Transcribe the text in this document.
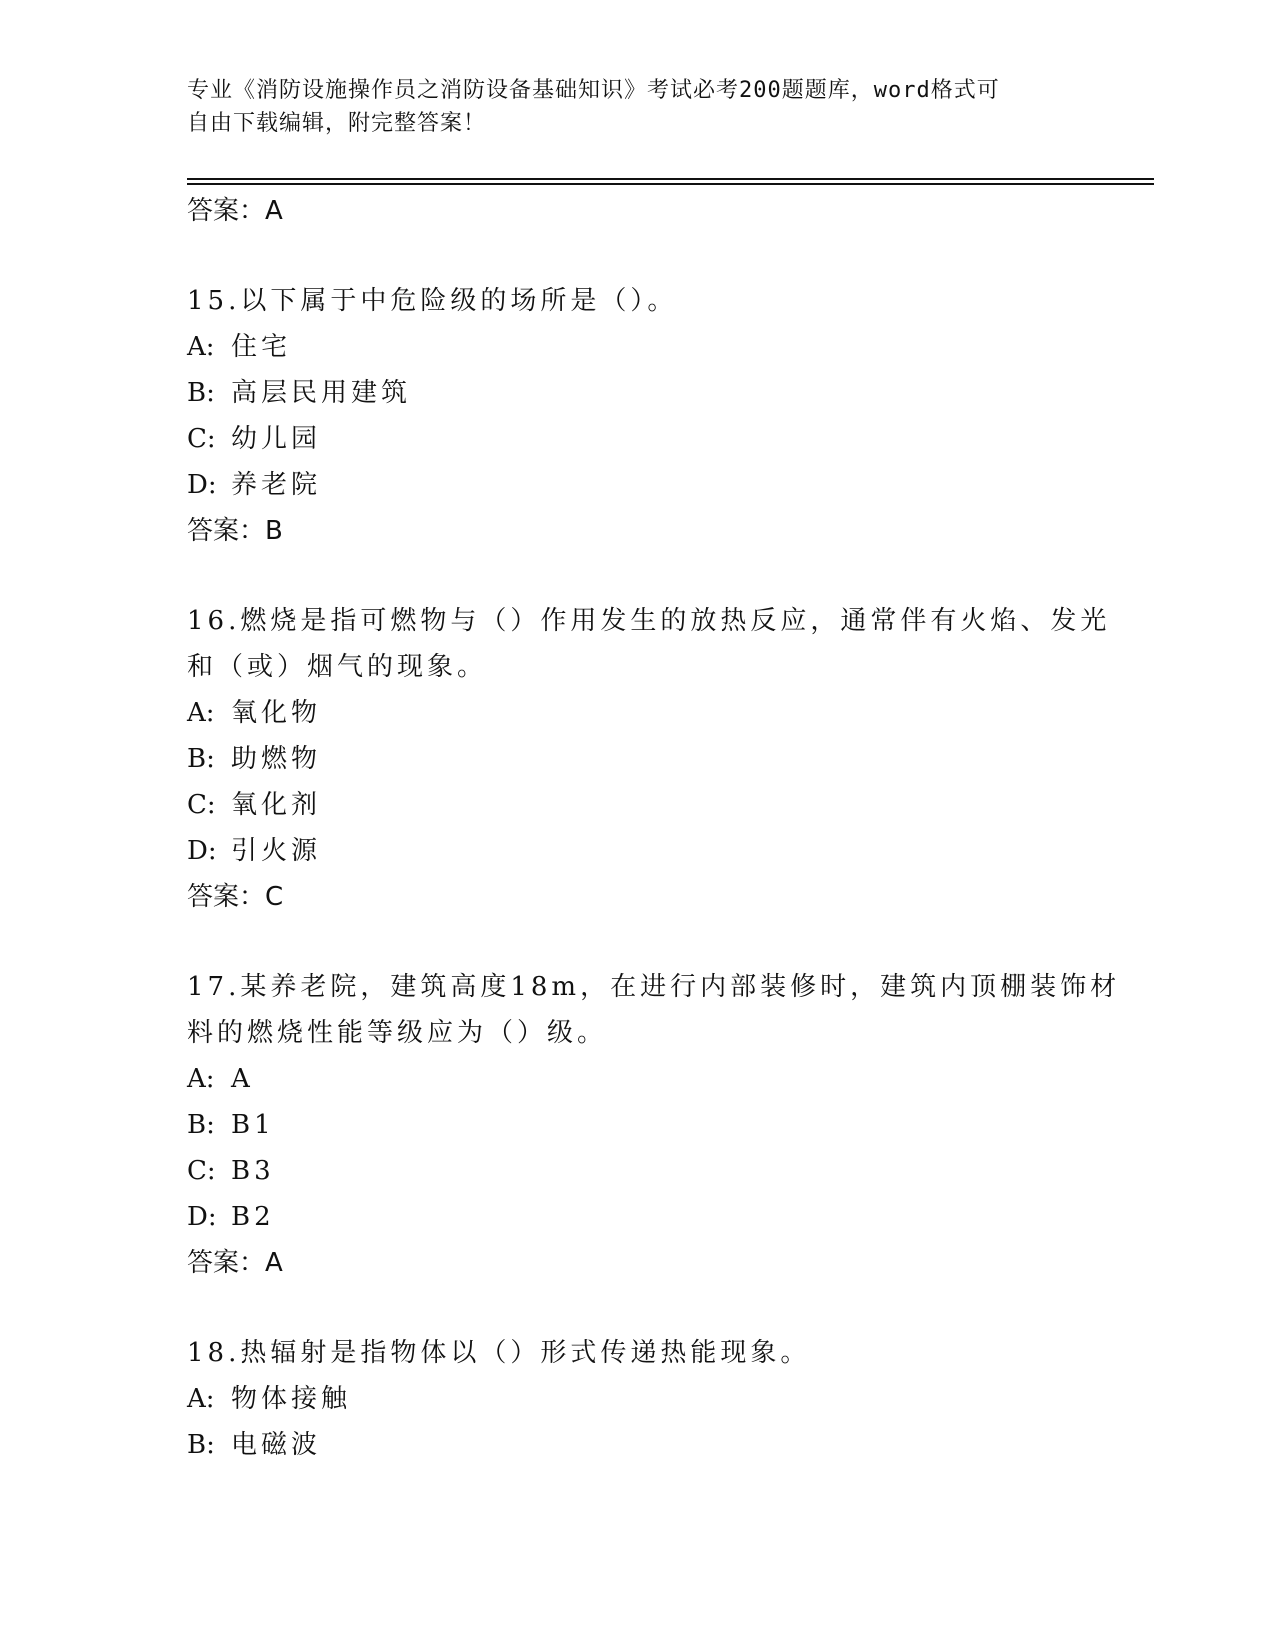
专业《消防设施操作员之消防设备基础知识》考试必考200题题库，word格式可
自由下载编辑，附完整答案！
答案：A
15.以下属于中危险级的场所是（）。
A: 住宅
B: 高层民用建筑
C: 幼儿园
D: 养老院
答案：B
16.燃烧是指可燃物与（）作用发生的放热反应，通常伴有火焰、发光
和（或）烟气的现象。
A: 氧化物
B: 助燃物
C: 氧化剂
D: 引火源
答案：C
17.某养老院，建筑高度18m，在进行内部装修时，建筑内顶棚装饰材
料的燃烧性能等级应为（）级。
A: A
B: B1
C: B3
D: B2
答案：A
18.热辐射是指物体以（）形式传递热能现象。
A: 物体接触
B: 电磁波
